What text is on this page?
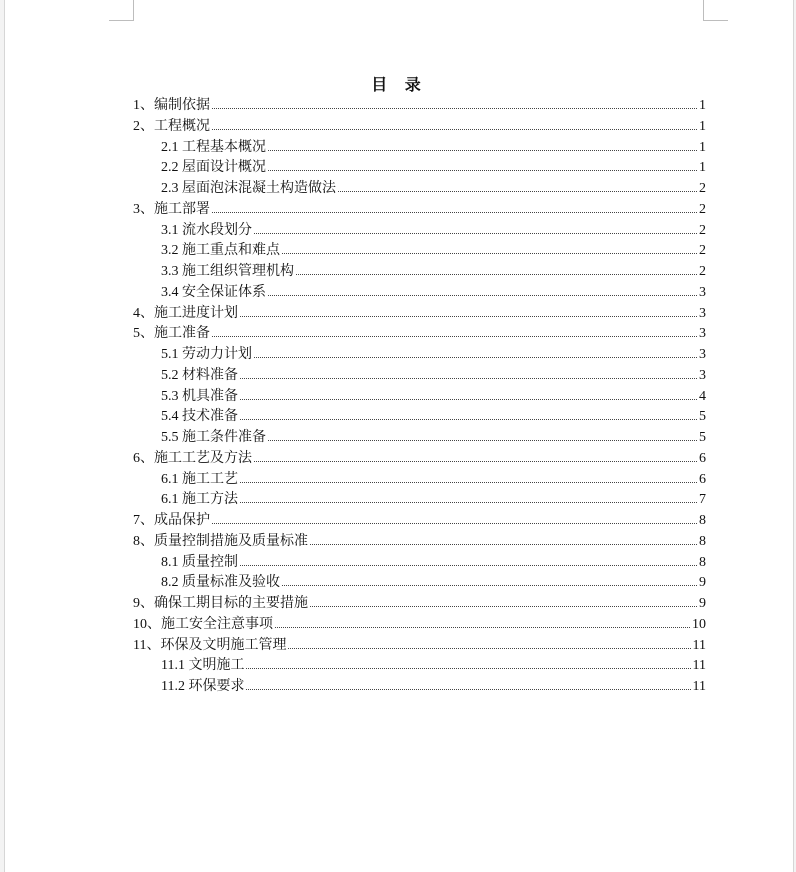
目 录
1、编制依据	1
2、工程概况	1
2.1 工程基本概况	1
2.2 屋面设计概况	1
2.3 屋面泡沫混凝土构造做法	2
3、施工部署	2
3.1 流水段划分	2
3.2 施工重点和难点	2
3.3 施工组织管理机构	2
3.4 安全保证体系	3
4、施工进度计划	3
5、施工准备	3
5.1 劳动力计划	3
5.2 材料准备	3
5.3 机具准备	4
5.4 技术准备	5
5.5 施工条件准备	5
6、施工工艺及方法	6
6.1 施工工艺	6
6.1 施工方法	7
7、成品保护	8
8、质量控制措施及质量标准	8
8.1 质量控制	8
8.2 质量标准及验收	9
9、确保工期目标的主要措施	9
10、施工安全注意事项	10
11、环保及文明施工管理	11
11.1 文明施工	11
11.2 环保要求	11
